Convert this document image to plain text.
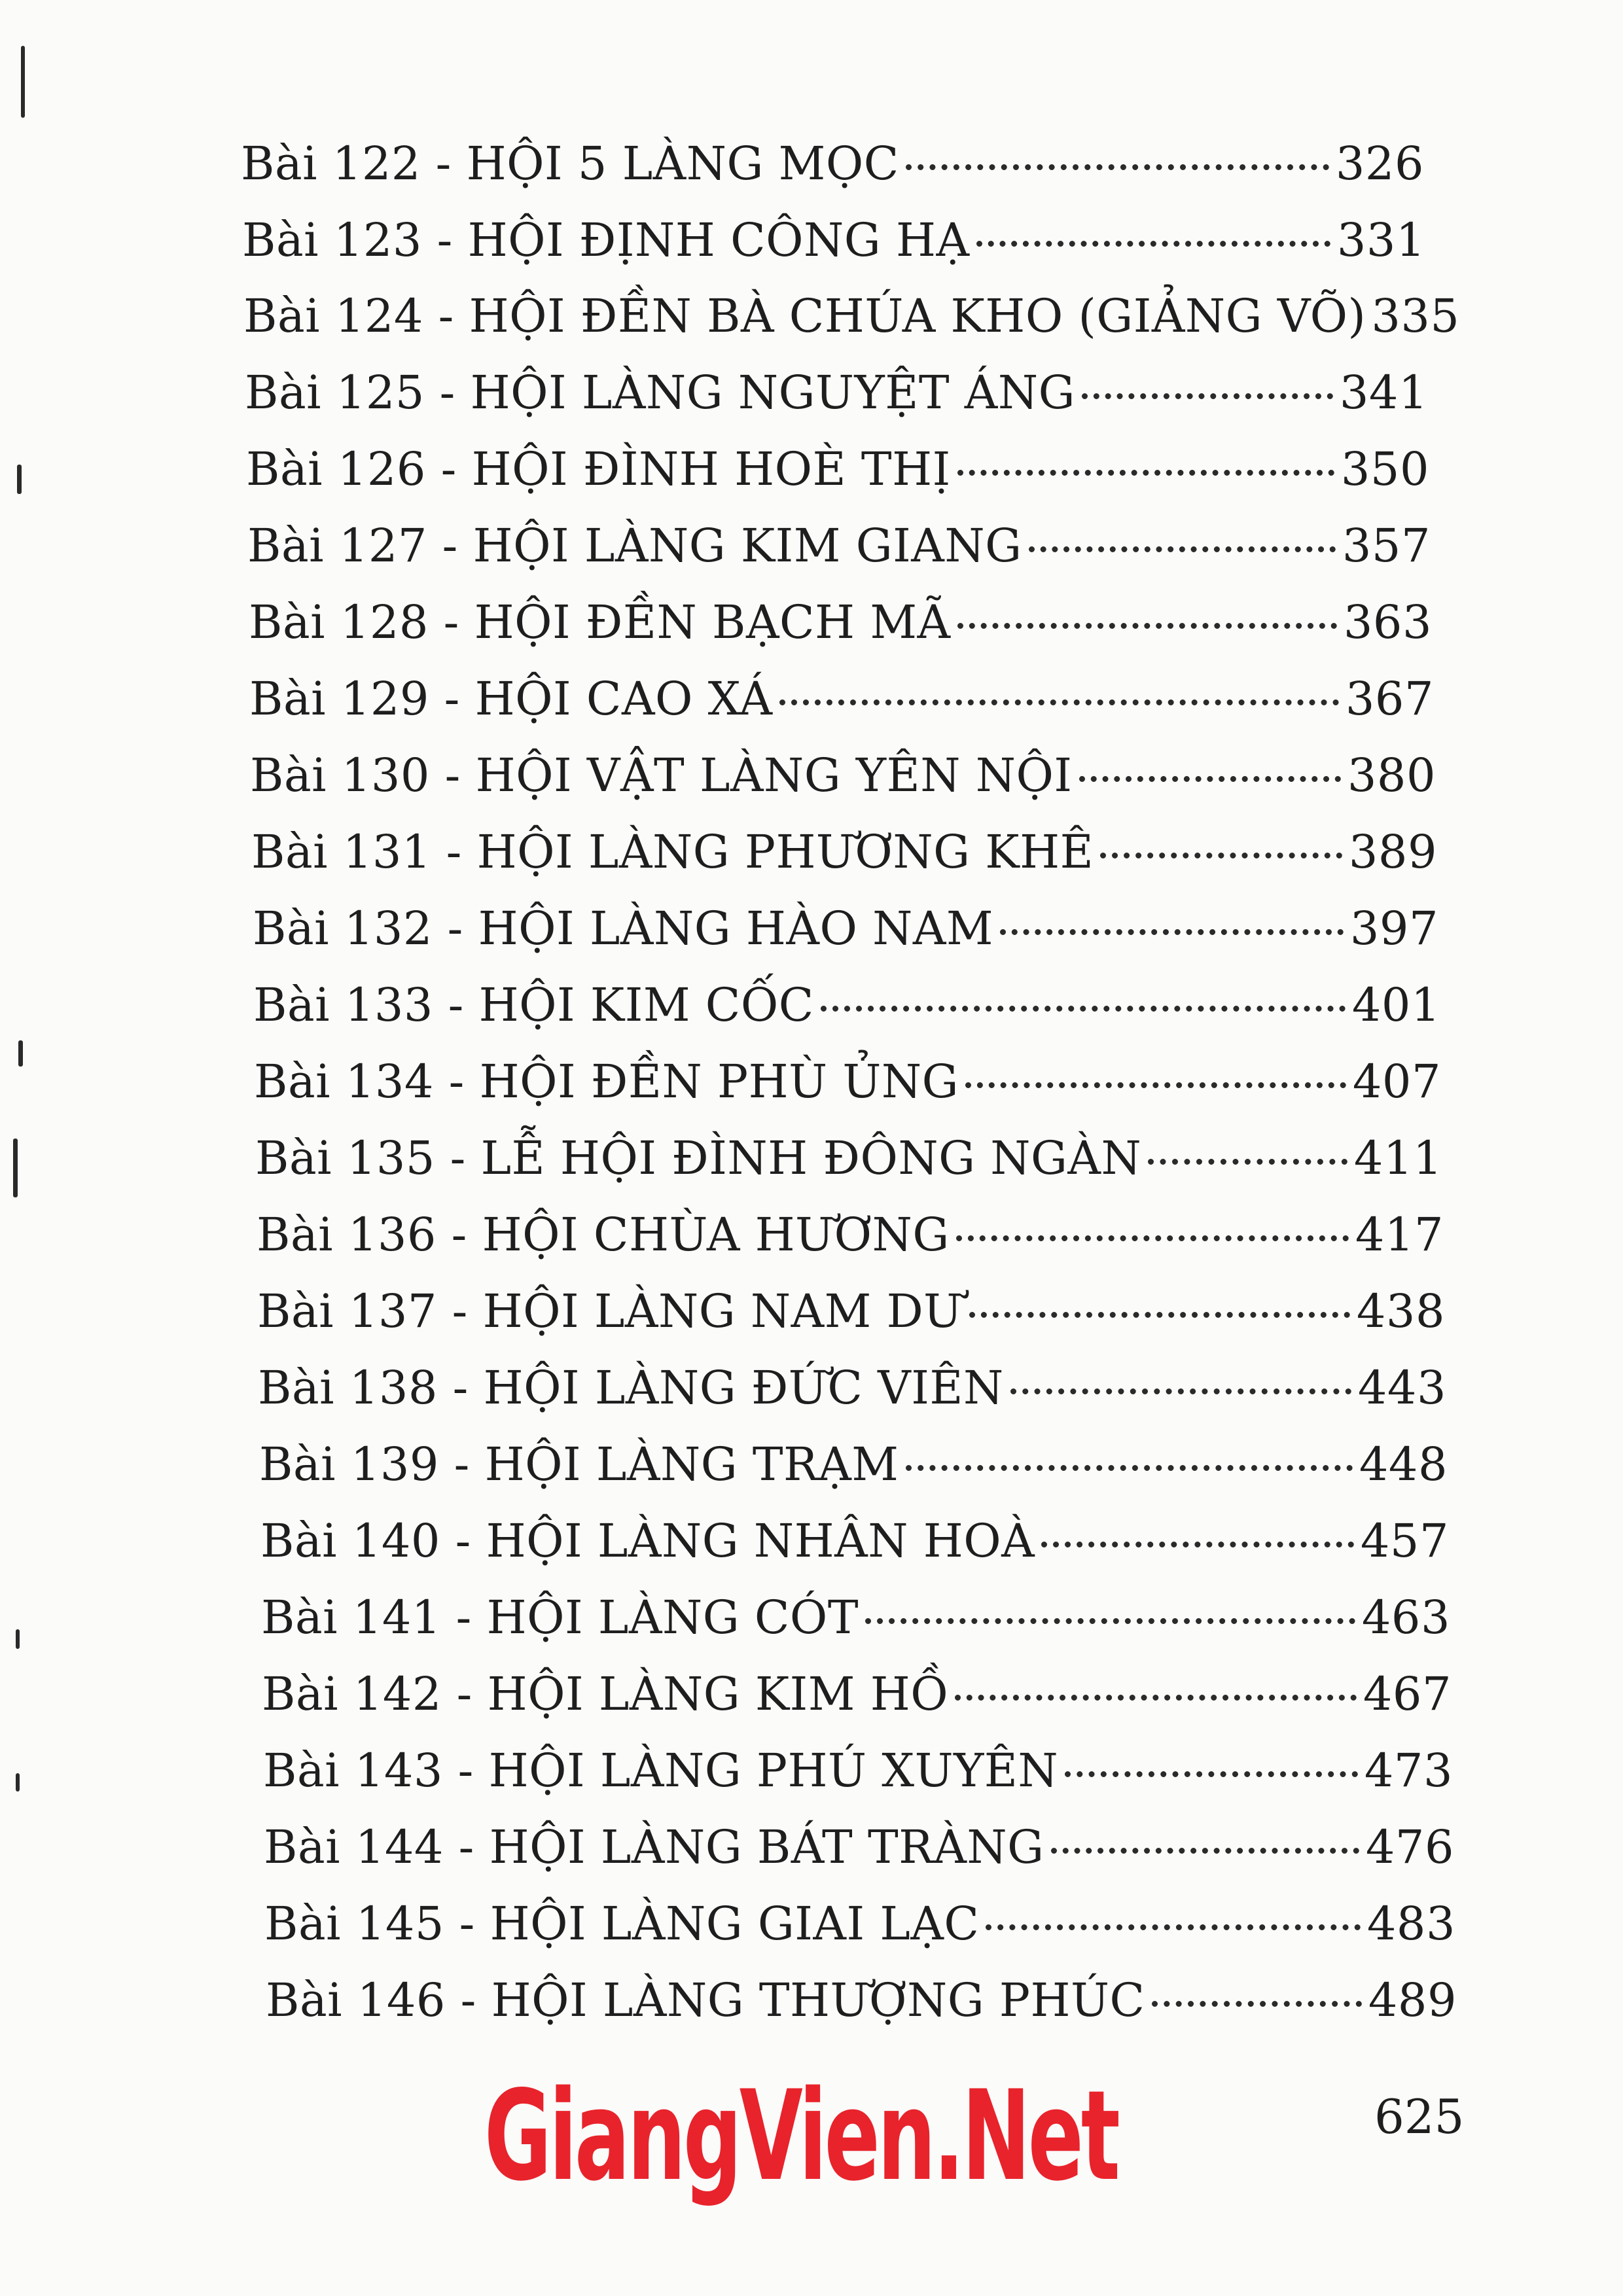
Bài 122 - HỘI 5 LÀNG MỌC	326
Bài 123 - HỘI ĐỊNH CÔNG HẠ	331
Bài 124 - HỘI ĐỀN BÀ CHÚA KHO (GIẢNG VÕ) 335
Bài 125 - HỘI LÀNG NGUYỆT ÁNG	341
Bài 126 - HỘI ĐÌNH HOÈ THỊ	350
Bài 127 - HỘI LÀNG KIM GIANG	357
Bài 128 - HỘI ĐỀN BẠCH MÃ	363
Bài 129 - HỘI CAO XÁ	367
Bài 130 - HỘI VẬT LÀNG YÊN NỘI	380
Bài 131 - HỘI LÀNG PHƯƠNG KHÊ	389
Bài 132 - HỘI LÀNG HÀO NAM	397
Bài 133 - HỘI KIM CỐC	401
Bài 134 - HỘI ĐỀN PHÙ ỦNG	407
Bài 135 - LỄ HỘI ĐÌNH ĐÔNG NGÀN	411
Bài 136 - HỘI CHÙA HƯƠNG	417
Bài 137 - HỘI LÀNG NAM DƯ	438
Bài 138 - HỘI LÀNG ĐỨC VIÊN	443
Bài 139 - HỘI LÀNG TRẠM	448
Bài 140 - HỘI LÀNG NHÂN HOÀ	457
Bài 141 - HỘI LÀNG CÓT	463
Bài 142 - HỘI LÀNG KIM HỒ	467
Bài 143 - HỘI LÀNG PHÚ XUYÊN	473
Bài 144 - HỘI LÀNG BÁT TRÀNG	476
Bài 145 - HỘI LÀNG GIAI LẠC	483
Bài 146 - HỘI LÀNG THƯỢNG PHÚC	489
GiangVien.Net	625
